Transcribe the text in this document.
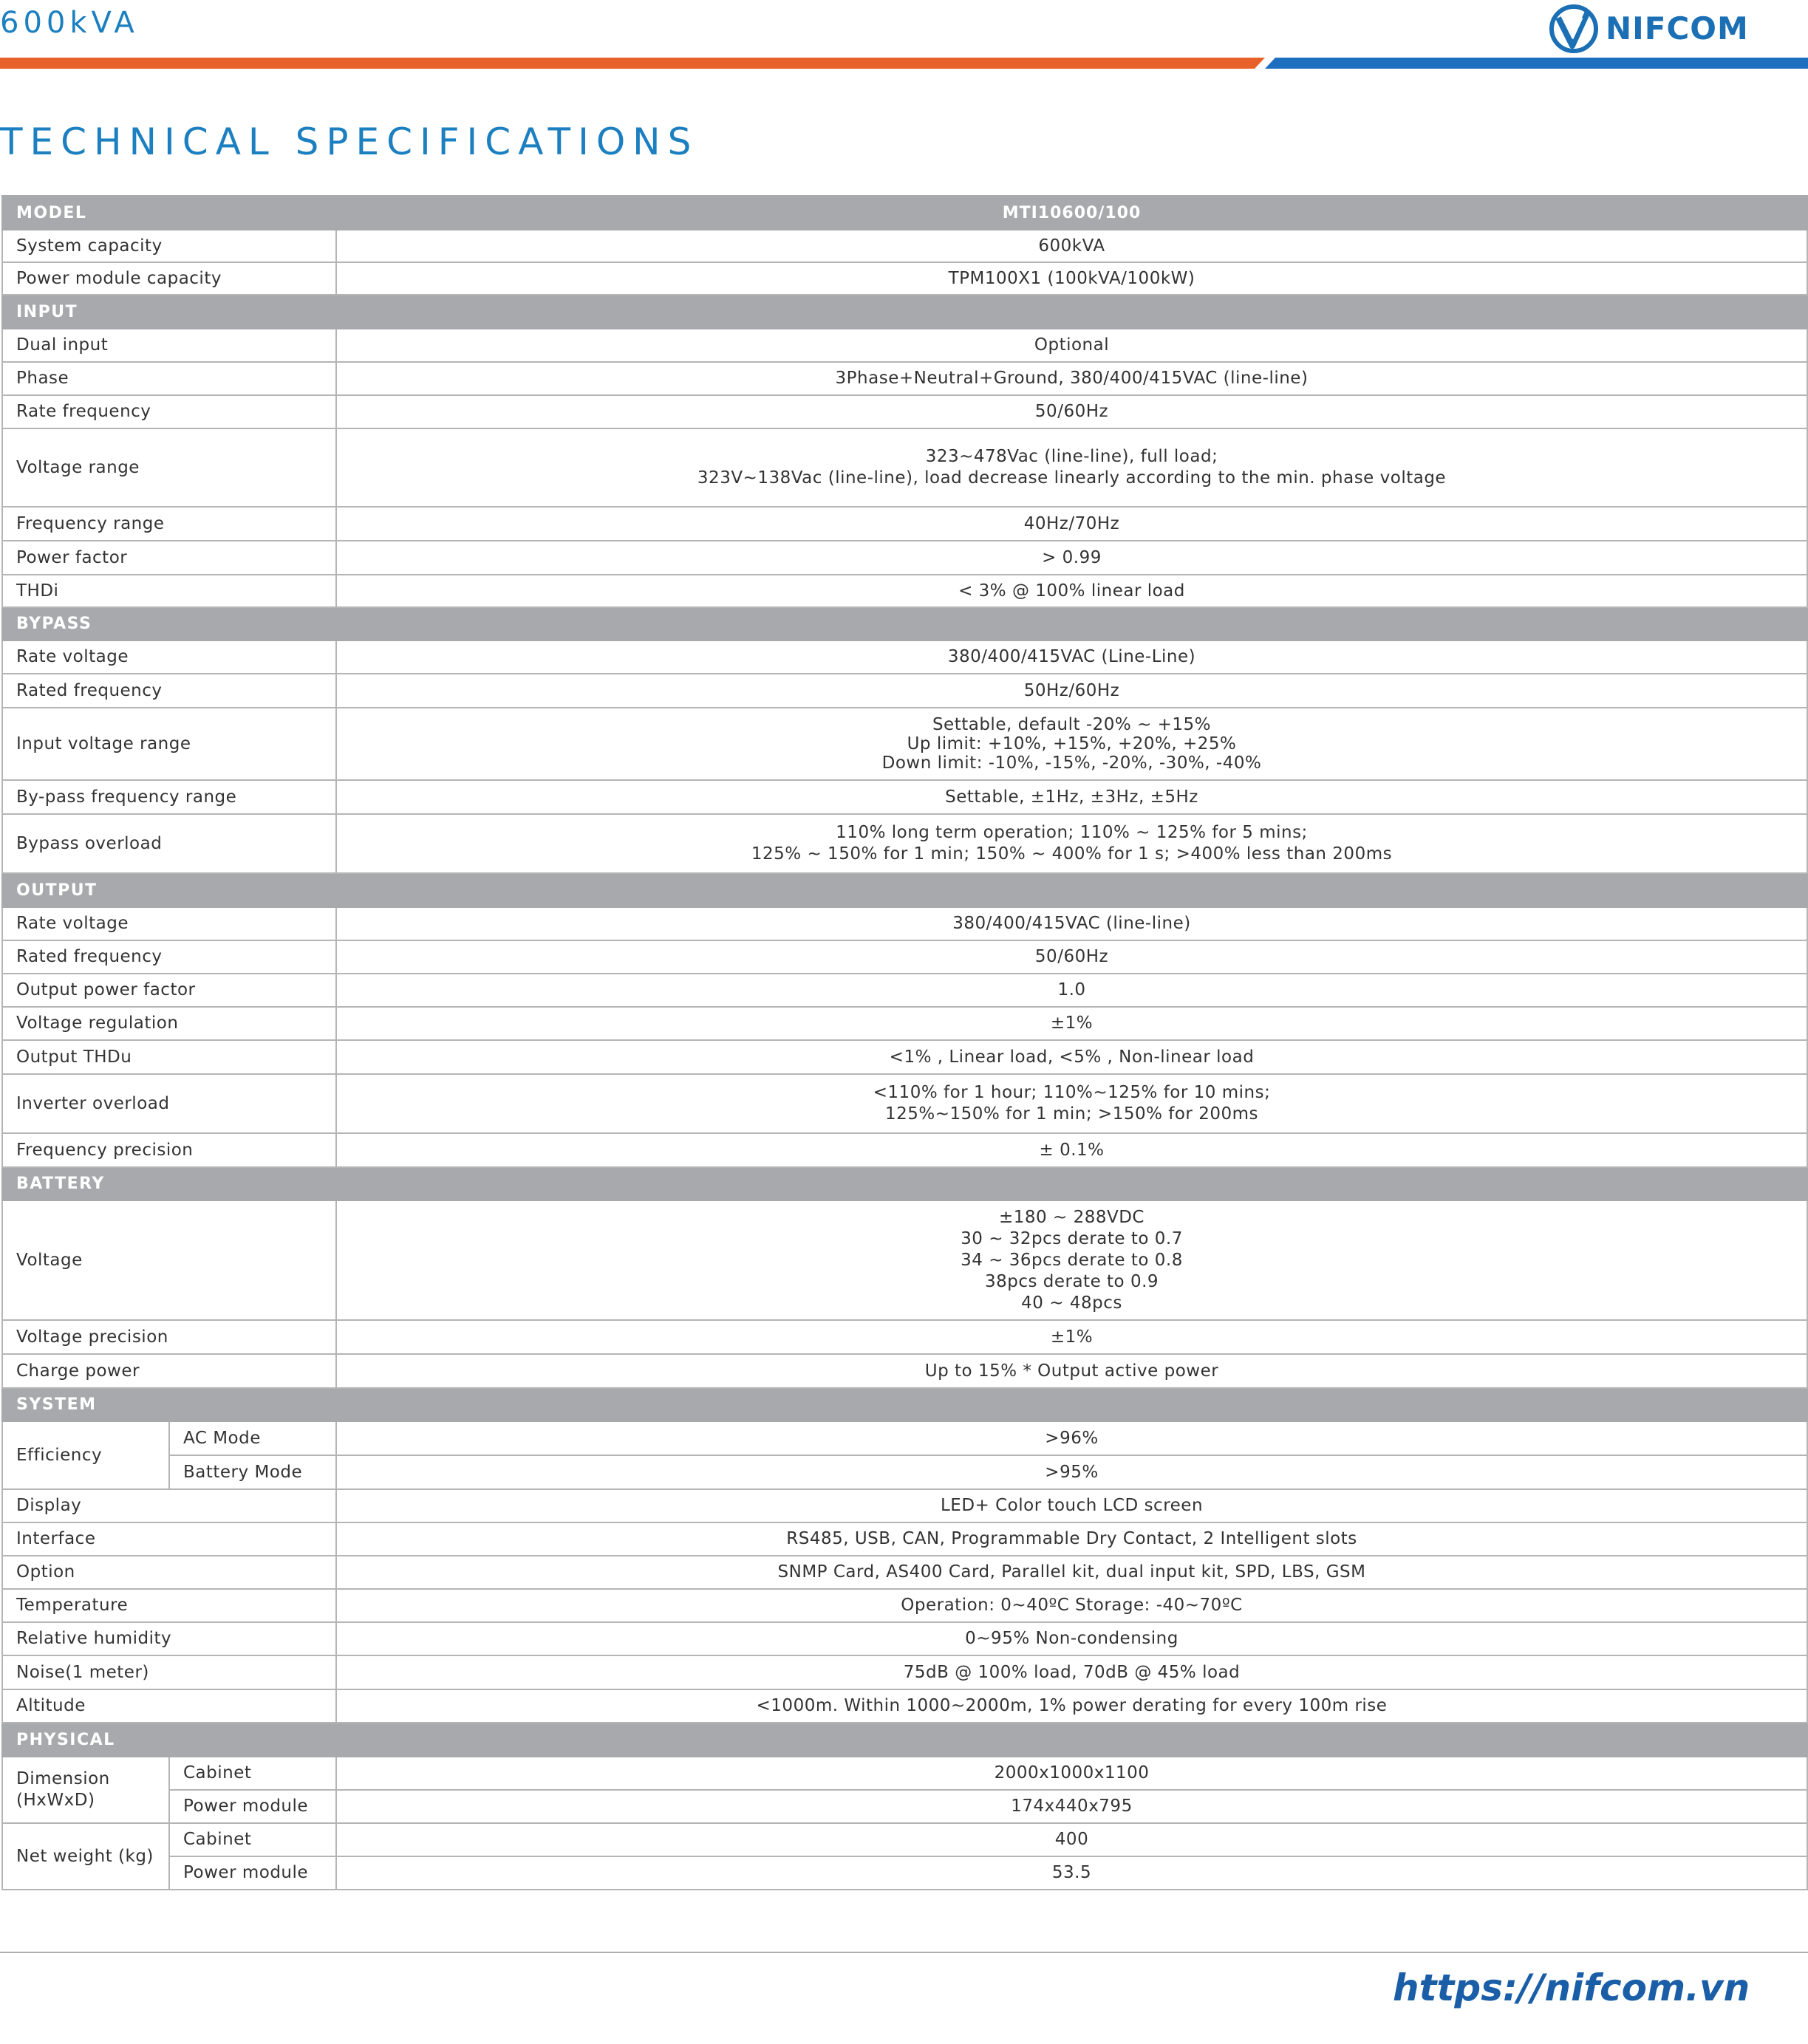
600kVA	NIFCOM
TECHNICAL SPECIFICATIONS
MODEL		MTI10600/100
System capacity		600kVA
Power module capacity		TPM100X1 (100kVA/100kW)
INPUT		
Dual input		Optional
Phase		3Phase+Neutral+Ground, 380/400/415VAC (line-line)
Rate frequency		50/60Hz
Voltage range		323~478Vac (line-line), full load;
323V~138Vac (line-line), load decrease linearly according to the min. phase voltage

Frequency range		40Hz/70Hz
Power factor		> 0.99
THDi		< 3% @ 100% linear load
BYPASS		
Rate voltage		380/400/415VAC (Line-Line)
Rated frequency		50Hz/60Hz
Input voltage range		Settable, default -20% ~ +15%
Up limit: +10%, +15%, +20%, +25%
Down limit: -10%, -15%, -20%, -30%, -40%

By-pass frequency range		Settable, ±1Hz, ±3Hz, ±5Hz
Bypass overload		110% long term operation; 110% ~ 125% for 5 mins;
125% ~ 150% for 1 min; 150% ~ 400% for 1 s; >400% less than 200ms

OUTPUT		
Rate voltage		380/400/415VAC (line-line)
Rated frequency		50/60Hz
Output power factor		1.0
Voltage regulation		±1%
Output THDu		<1% , Linear load, <5% , Non-linear load
Inverter overload		<110% for 1 hour; 110%~125% for 10 mins;
125%~150% for 1 min; >150% for 200ms

Frequency precision		± 0.1%
BATTERY		
Voltage		±180 ~ 288VDC
30 ~ 32pcs derate to 0.7
34 ~ 36pcs derate to 0.8
38pcs derate to 0.9
40 ~ 48pcs

Voltage precision		±1%
Charge power		Up to 15% * Output active power
SYSTEM		
Efficiency	AC Mode	>96%
	Battery Mode	>95%
Display		LED+ Color touch LCD screen
Interface		RS485, USB, CAN, Programmable Dry Contact, 2 Intelligent slots
Option		SNMP Card, AS400 Card, Parallel kit, dual input kit, SPD, LBS, GSM
Temperature		Operation: 0~40ºC Storage: -40~70ºC
Relative humidity		0~95% Non-condensing
Noise(1 meter)		75dB @ 100% load, 70dB @ 45% load
Altitude		<1000m. Within 1000~2000m, 1% power derating for every 100m rise
PHYSICAL		

Dimension
(HxWxD)	Cabinet	2000x1000x1100
	Power module	174x440x795
Net weight (kg)	Cabinet	400
	Power module	53.5
https://nifcom.vn
